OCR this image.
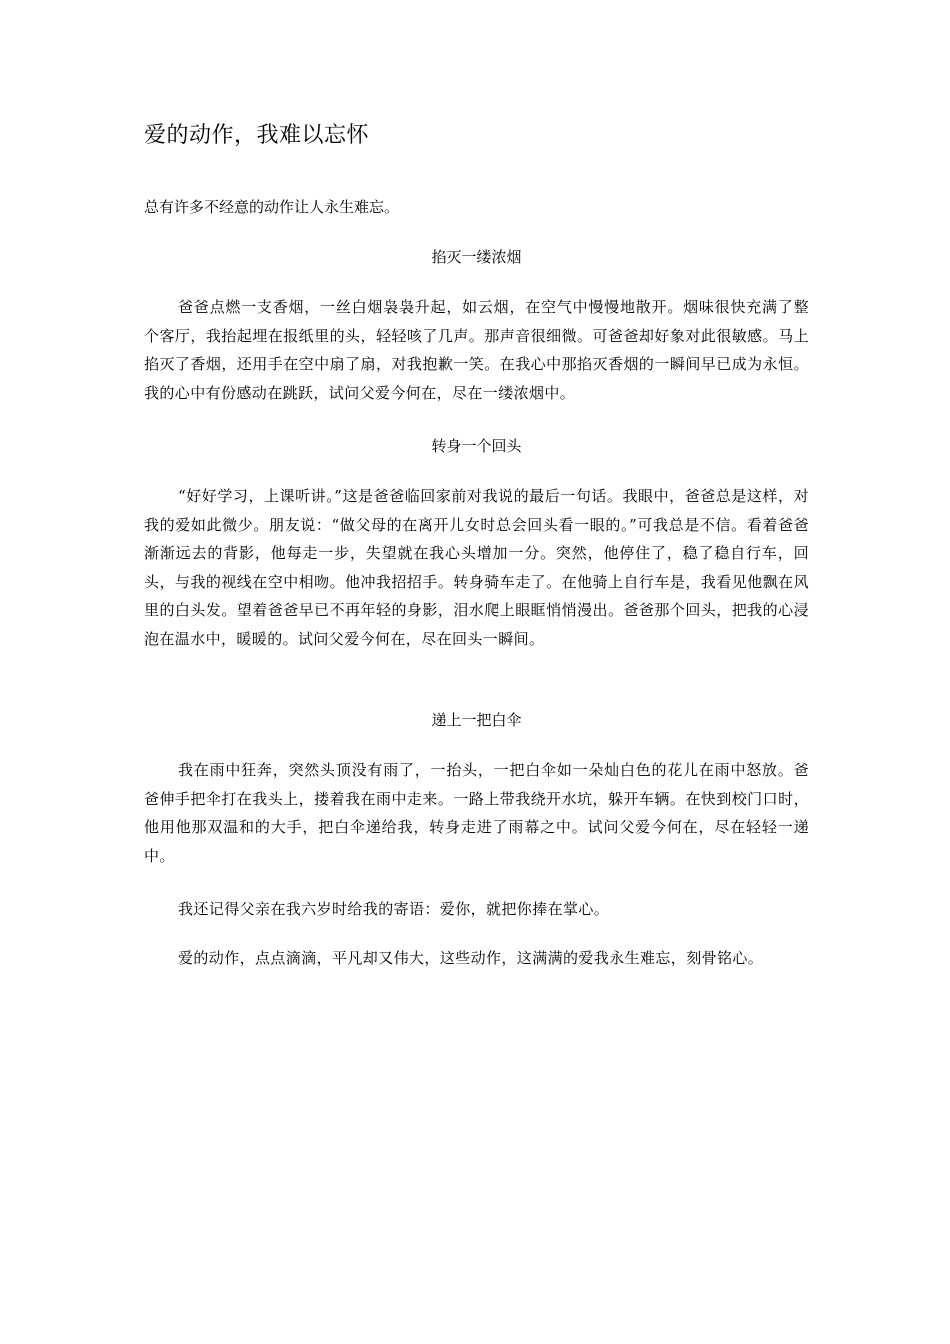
爱的动作，我难以忘怀

总有许多不经意的动作让人永生难忘。

掐灭一缕浓烟

爸爸点燃一支香烟，一丝白烟袅袅升起，如云烟，在空气中慢慢地散开。烟味很快充满了整个客厅，我抬起埋在报纸里的头，轻轻咳了几声。那声音很细微。可爸爸却好象对此很敏感。马上掐灭了香烟，还用手在空中扇了扇，对我抱歉一笑。在我心中那掐灭香烟的一瞬间早已成为永恒。我的心中有份感动在跳跃，试问父爱今何在，尽在一缕浓烟中。

转身一个回头

“好好学习，上课听讲。”这是爸爸临回家前对我说的最后一句话。我眼中，爸爸总是这样，对我的爱如此微少。朋友说：“做父母的在离开儿女时总会回头看一眼的。”可我总是不信。看着爸爸渐渐远去的背影，他每走一步，失望就在我心头增加一分。突然，他停住了，稳了稳自行车，回头，与我的视线在空中相吻。他冲我招招手。转身骑车走了。在他骑上自行车是，我看见他飘在风里的白头发。望着爸爸早已不再年轻的身影，泪水爬上眼眶悄悄漫出。爸爸那个回头，把我的心浸泡在温水中，暖暖的。试问父爱今何在，尽在回头一瞬间。

递上一把白伞

我在雨中狂奔，突然头顶没有雨了，一抬头，一把白伞如一朵灿白色的花儿在雨中怒放。爸爸伸手把伞打在我头上，搂着我在雨中走来。一路上带我绕开水坑，躲开车辆。在快到校门口时，他用他那双温和的大手，把白伞递给我，转身走进了雨幕之中。试问父爱今何在，尽在轻轻一递中。

我还记得父亲在我六岁时给我的寄语：爱你，就把你捧在掌心。

爱的动作，点点滴滴，平凡却又伟大，这些动作，这满满的爱我永生难忘，刻骨铭心。
